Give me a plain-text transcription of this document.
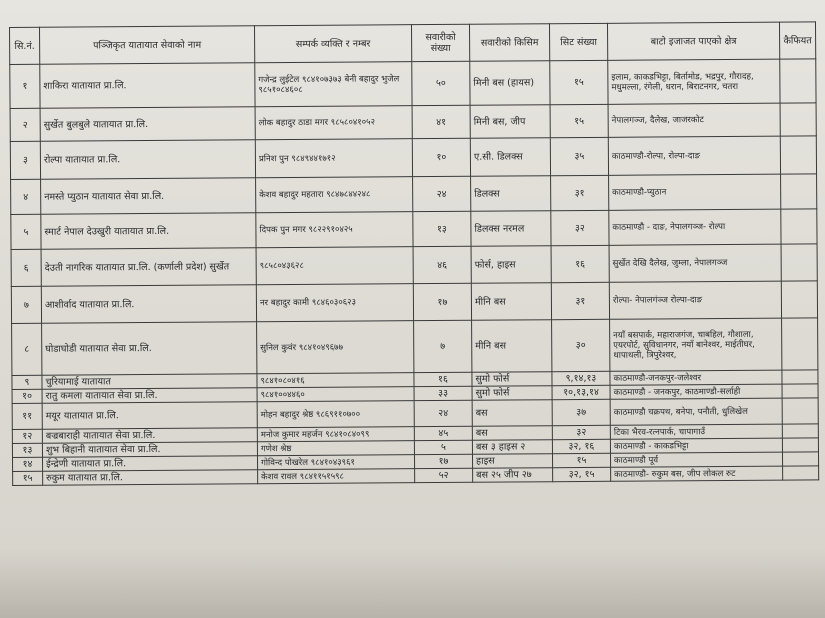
सि.नं.	पञ्जिकृत यातायात सेवाको नाम	सम्पर्क व्यक्ति र नम्बर	सवारीको संख्या	सवारीको किसिम	सिट संख्या	बाटो इजाजत पाएको क्षेत्र	कैफियत
१	शाकिरा यातायात प्रा.लि.	गजेन्द्र लुईटेल ९८४१०७३७३ बेनी बहादुर भुजेल ९८५१०८४६०८	५०	मिनी बस (हायस)	१५	इलाम, काकडभिट्टा, बिर्तामोड, भद्रपुर, गौरादह, मधुमल्ला, रंगेली, धरान, बिराटनगर, चतरा	
२	सुर्खेत बुलबुले यातायात प्रा.लि.	लोक बहादुर ठाडा मगर ९८५८०४१०५२	४१	मिनी बस, जीप	१५	नेपालगञ्ज, दैलेख, जाजरकोट	
३	रोल्पा यातायात प्रा.लि.	प्रनिश पुन ९८४९४४१७१२	१०	ए.सी. डिलक्स	३५	काठमाण्डौ-रोल्पा, रोल्पा-दाङ	
४	नमस्ते प्युठान यातायात सेवा प्रा.लि.	केशव बहादुर महतारा ९८४७८४४२४८	२४	डिलक्स	३१	काठमाण्डौ-प्युठान	
५	स्मार्ट नेपाल देउखुरी यातायात प्रा.लि.	दिपक पुन मगर ९८२२९१०४२५	१३	डिलक्स नरमल	३२	काठमाण्डौ - दाङ, नेपालगञ्ज- रोल्पा	
६	देउती नागरिक यातायात प्रा.लि. (कर्णाली प्रदेश) सुर्खेत	९८५८०४३६२८	४६	फोर्स, हाइस	१६	सुर्खेत देखि दैलेख, जुम्ला, नेपालगञ्ज	
७	आशीर्वाद यातायात प्रा.लि.	नर बहादुर कामी ९८४६०३०६२३	१७	मीनि बस	३१	रोल्पा- नेपालगंञ्ज रोल्पा-दाङ	
८	घोडाघोडी यातायात सेवा प्रा.लि.	सुनिल कुवंर ९८४१०४९६७७	७	मीनि बस	३०	नयाँ बसपार्क, महाराजगंज, चाबहिल, गौशाला, एयरपोर्ट, सुविधानगर, नयाँ बानेश्वर, माईतीघर, थापाथली, त्रिपुरेश्वर,	
९	चुरियामाई यातायात	९८४१०८०४१६	१६	सुमो फोर्स	९,१४,१३	काठमाण्डौ-जनकपुर-जलेश्वर	
१०	रातु कमला यातायात सेवा प्रा.लि.	९८४१००४४६०	३३	सुमो फोर्स	१०,१३,१४	काठमाण्डौ - जनकपुर, काठमाण्डौ-सर्लाही	
११	मयूर यातायात प्रा.लि.	मोहन बहादुर श्रेष्ठ ९८६९११०७००	२४	बस	३७	काठमाण्डौ चक्रपथ, बनेपा, पनौती, धुलिखेल	
१२	बज्रबाराही यातायात सेवा प्रा.लि.	मनोज कुमार महर्जन ९८४१०८४०९९	४५	बस	३२	टिका भैरव-रत्नपार्क, चापागाउँ	
१३	शुभ बिहानी यातायात सेवा प्रा.लि.	गणेश श्रेष्ठ	५	बस ३ हाइस २	३२, १६	काठमाण्डौ - काकडभिट्टा	
१४	ईन्द्रेणी यातायात प्रा.लि.	गोविन्द पोखरेल ९८४१०४३९६१	१७	हाइस	१५	काठमाण्डौ पूर्व	
१५	रुकुम यातायात प्रा.लि.	केशव रावल ९८४११५१५९८	५२	बस २५ जीप २७	३२, १५	काठमाण्डौ- रुकुम बस, जीप लोकल रुट	
